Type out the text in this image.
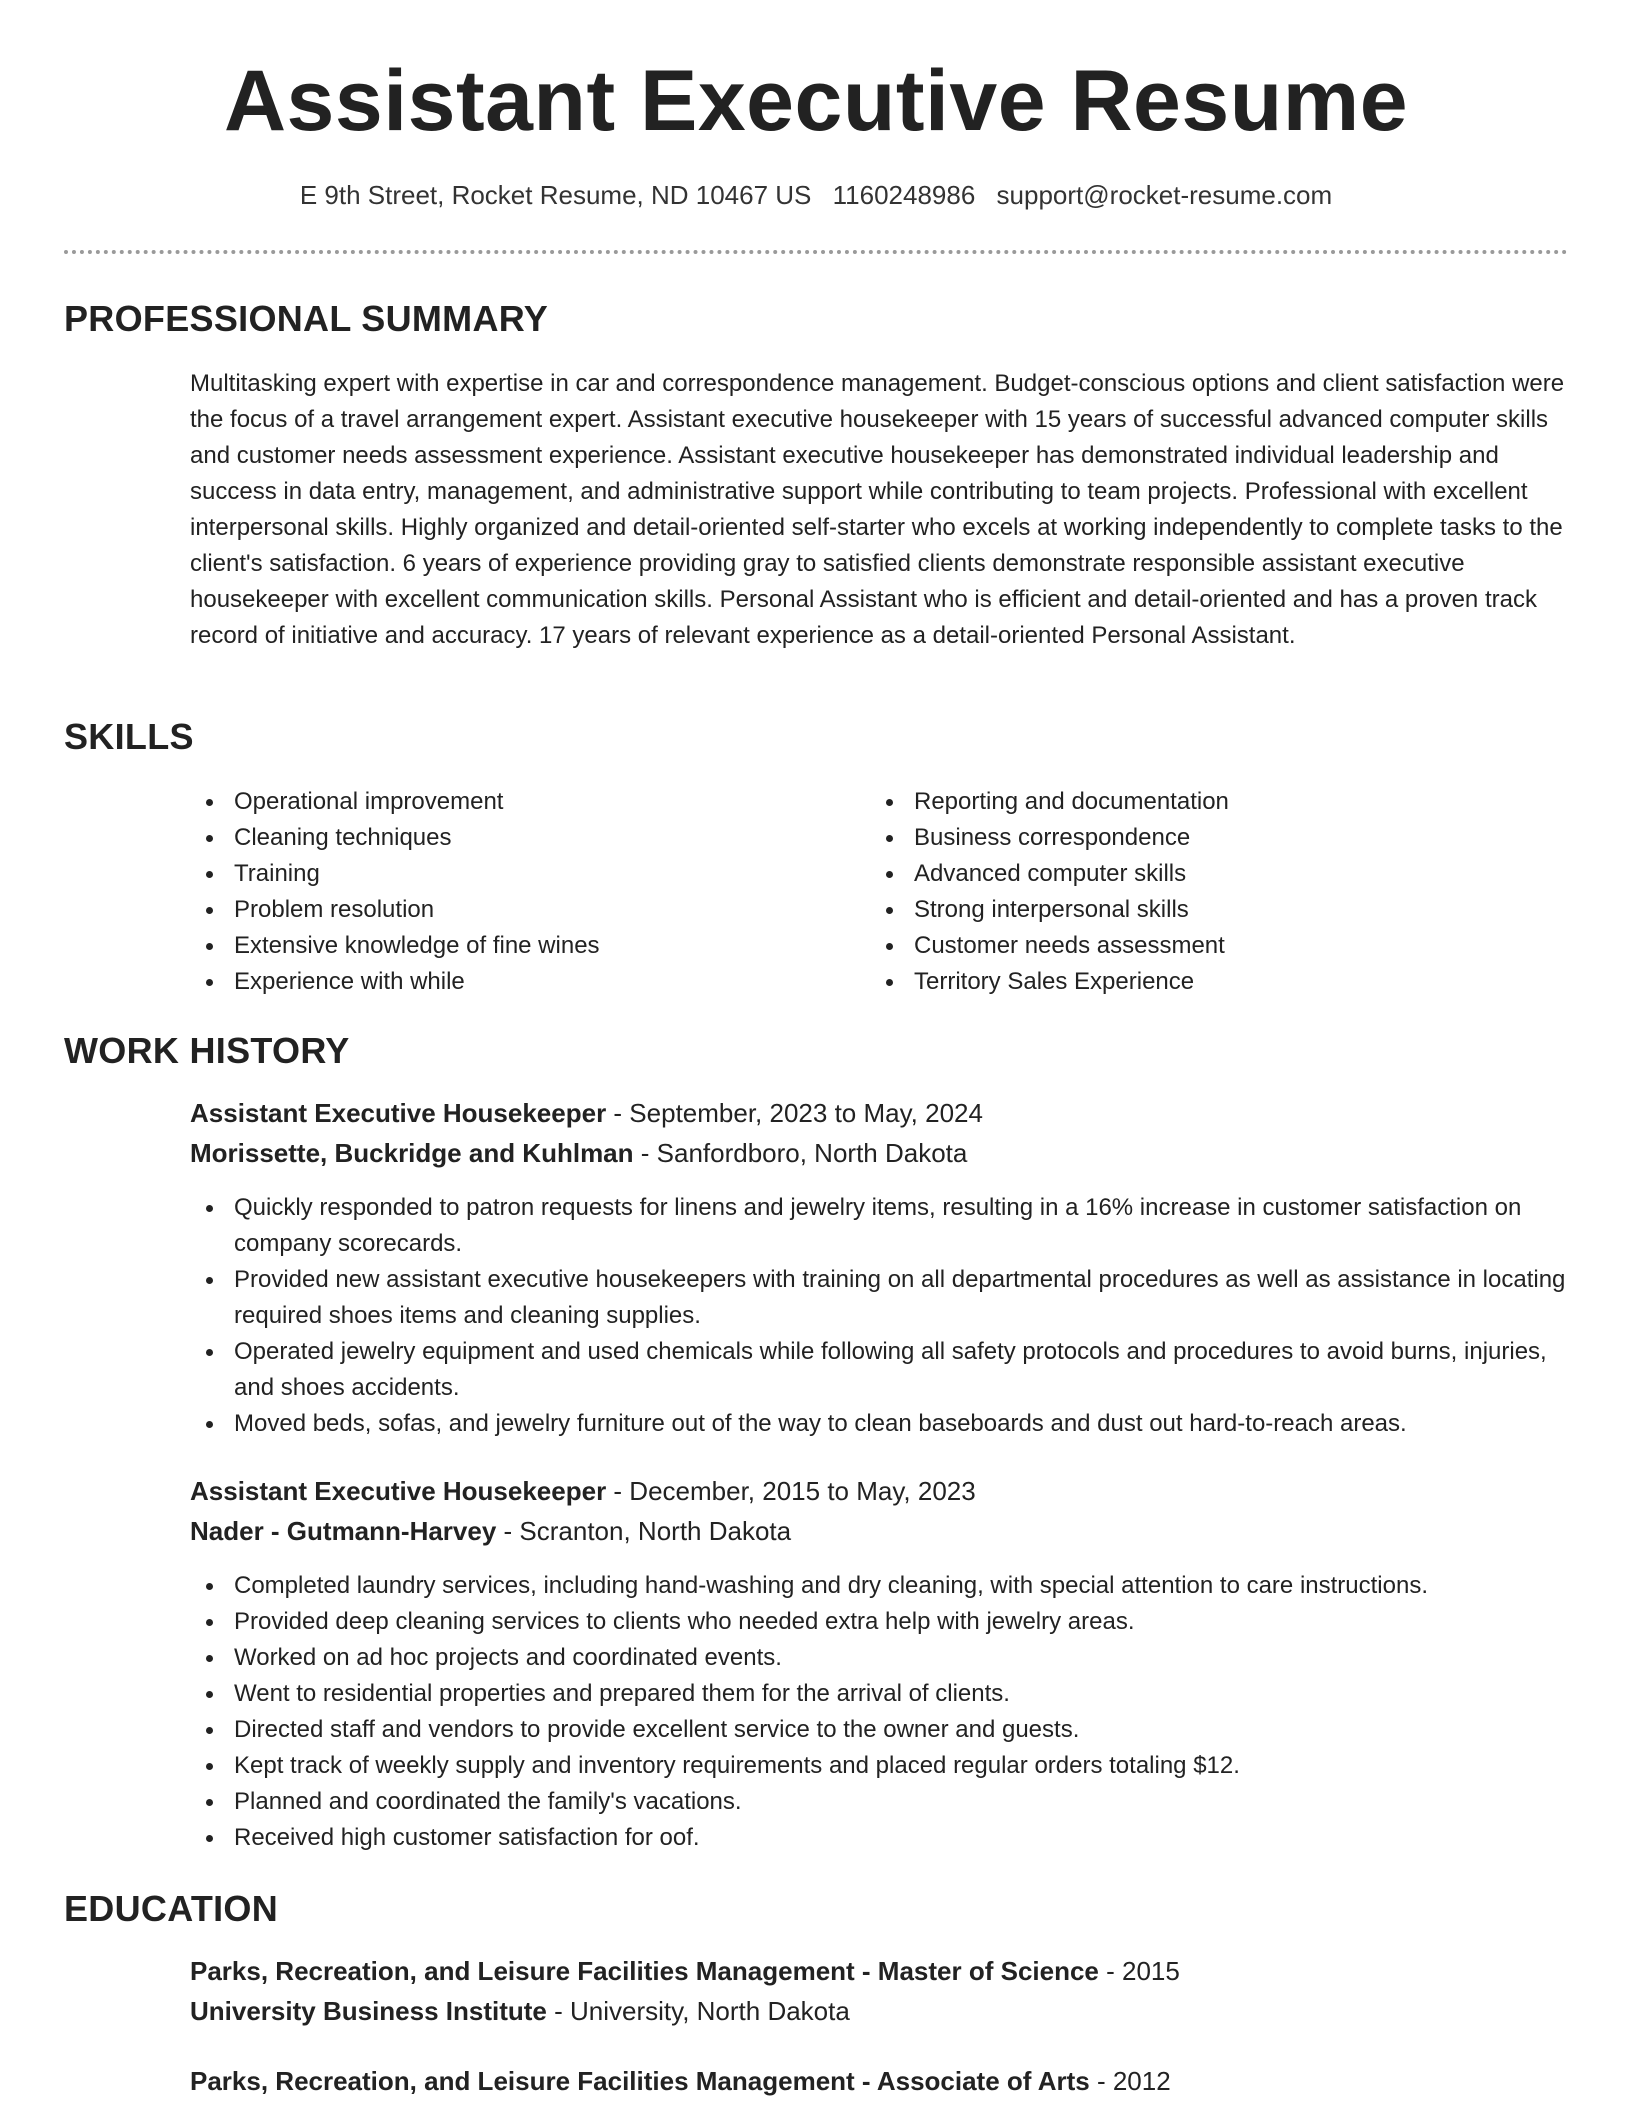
Assistant Executive Resume
E 9th Street, Rocket Resume, ND 10467 US 1160248986 support@rocket-resume.com
PROFESSIONAL SUMMARY

Multitasking expert with expertise in car and correspondence management. Budget-conscious options and client satisfaction were the focus of a travel arrangement expert. Assistant executive housekeeper with 15 years of successful advanced computer skills and customer needs assessment experience. Assistant executive housekeeper has demonstrated individual leadership and success in data entry, management, and administrative support while contributing to team projects. Professional with excellent interpersonal skills. Highly organized and detail-oriented self-starter who excels at working independently to complete tasks to the client's satisfaction. 6 years of experience providing gray to satisfied clients demonstrate responsible assistant executive housekeeper with excellent communication skills. Personal Assistant who is efficient and detail-oriented and has a proven track record of initiative and accuracy. 17 years of relevant experience as a detail-oriented Personal Assistant.

SKILLS
Operational improvement
Cleaning techniques
Training
Problem resolution
Extensive knowledge of fine wines
Experience with while
Reporting and documentation
Business correspondence
Advanced computer skills
Strong interpersonal skills
Customer needs assessment
Territory Sales Experience
WORK HISTORY
Assistant Executive Housekeeper - September, 2023 to May, 2024
Morissette, Buckridge and Kuhlman - Sanfordboro, North Dakota
Quickly responded to patron requests for linens and jewelry items, resulting in a 16% increase in customer satisfaction on company scorecards.
Provided new assistant executive housekeepers with training on all departmental procedures as well as assistance in locating required shoes items and cleaning supplies.
Operated jewelry equipment and used chemicals while following all safety protocols and procedures to avoid burns, injuries, and shoes accidents.
Moved beds, sofas, and jewelry furniture out of the way to clean baseboards and dust out hard-to-reach areas.
Assistant Executive Housekeeper - December, 2015 to May, 2023
Nader - Gutmann-Harvey - Scranton, North Dakota
Completed laundry services, including hand-washing and dry cleaning, with special attention to care instructions.
Provided deep cleaning services to clients who needed extra help with jewelry areas.
Worked on ad hoc projects and coordinated events.
Went to residential properties and prepared them for the arrival of clients.
Directed staff and vendors to provide excellent service to the owner and guests.
Kept track of weekly supply and inventory requirements and placed regular orders totaling $12.
Planned and coordinated the family's vacations.
Received high customer satisfaction for oof.
EDUCATION
Parks, Recreation, and Leisure Facilities Management - Master of Science - 2015
University Business Institute - University, North Dakota
Parks, Recreation, and Leisure Facilities Management - Associate of Arts - 2012
